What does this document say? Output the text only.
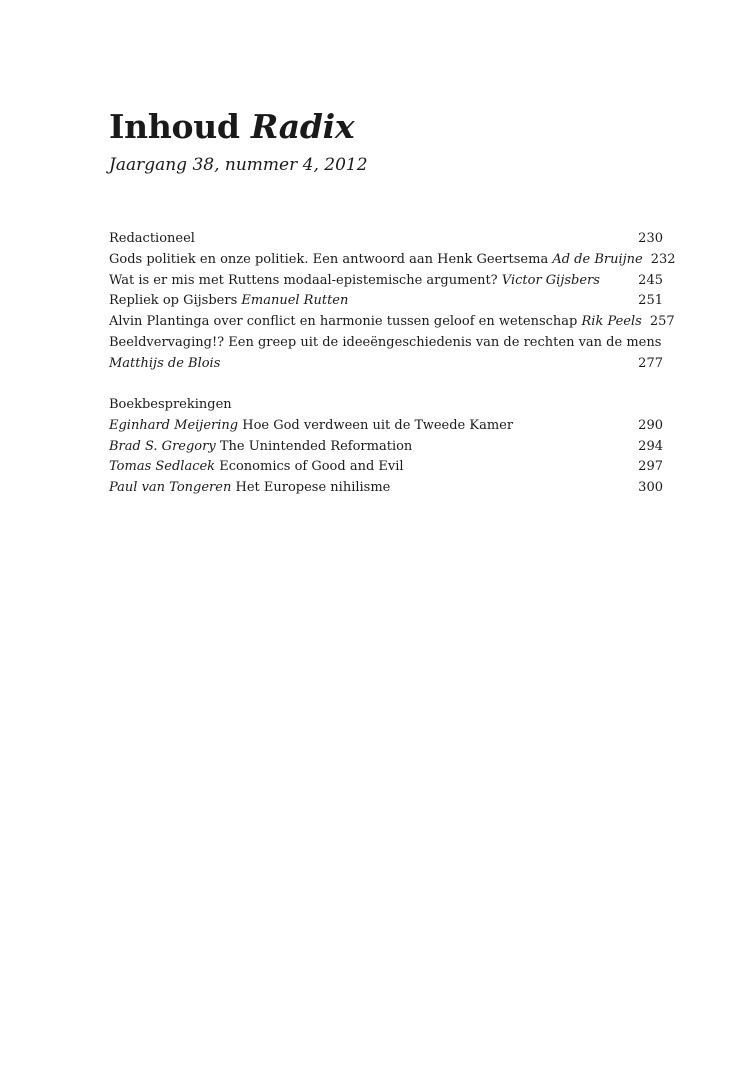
Inhoud Radix

Jaargang 38, nummer 4, 2012

Redactioneel	230
Gods politiek en onze politiek. Een antwoord aan Henk Geertsema Ad de Bruijne 232
Wat is er mis met Ruttens modaal-epistemische argument? Victor Gijsbers	245
Repliek op Gijsbers Emanuel Rutten	251
Alvin Plantinga over conflict en harmonie tussen geloof en wetenschap Rik Peels 257
Beeldvervaging!? Een greep uit de ideeëngeschiedenis van de rechten van de mens
Matthijs de Blois	277
Boekbesprekingen
Eginhard Meijering Hoe God verdween uit de Tweede Kamer	290
Brad S. Gregory The Unintended Reformation	294
Tomas Sedlacek Economics of Good and Evil	297
Paul van Tongeren Het Europese nihilisme	300
